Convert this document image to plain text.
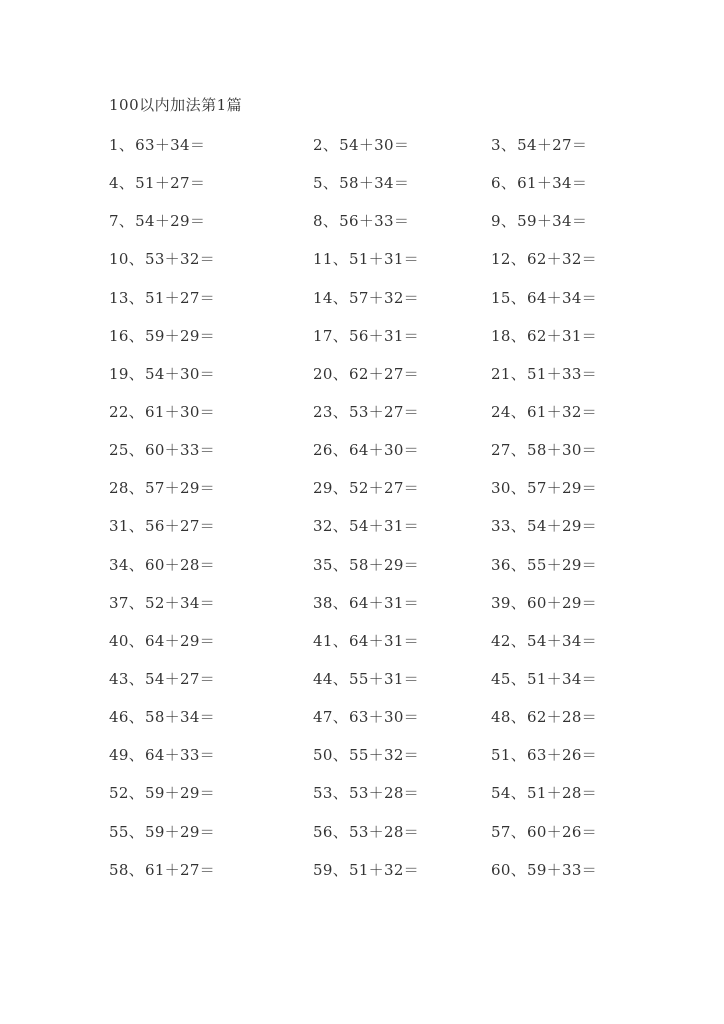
100以内加法第1篇
1、63＋34＝	2、54＋30＝	3、54＋27＝
4、51＋27＝	5、58＋34＝	6、61＋34＝
7、54＋29＝	8、56＋33＝	9、59＋34＝
10、53＋32＝	11、51＋31＝	12、62＋32＝
13、51＋27＝	14、57＋32＝	15、64＋34＝
16、59＋29＝	17、56＋31＝	18、62＋31＝
19、54＋30＝	20、62＋27＝	21、51＋33＝
22、61＋30＝	23、53＋27＝	24、61＋32＝
25、60＋33＝	26、64＋30＝	27、58＋30＝
28、57＋29＝	29、52＋27＝	30、57＋29＝
31、56＋27＝	32、54＋31＝	33、54＋29＝
34、60＋28＝	35、58＋29＝	36、55＋29＝
37、52＋34＝	38、64＋31＝	39、60＋29＝
40、64＋29＝	41、64＋31＝	42、54＋34＝
43、54＋27＝	44、55＋31＝	45、51＋34＝
46、58＋34＝	47、63＋30＝	48、62＋28＝
49、64＋33＝	50、55＋32＝	51、63＋26＝
52、59＋29＝	53、53＋28＝	54、51＋28＝
55、59＋29＝	56、53＋28＝	57、60＋26＝
58、61＋27＝	59、51＋32＝	60、59＋33＝
